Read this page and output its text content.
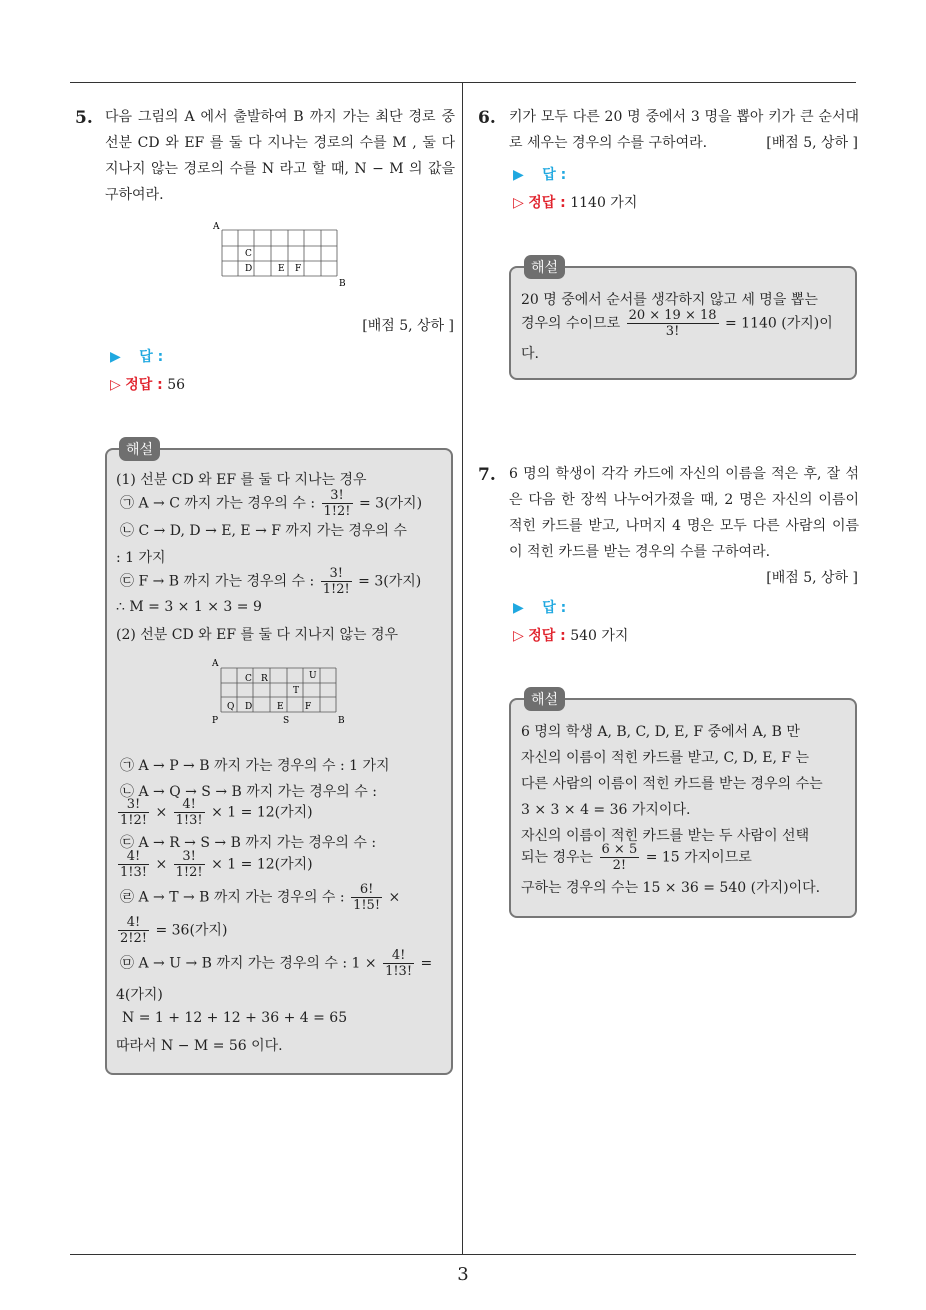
3
5. 다음 그림의 A 에서 출발하여 B 까지 가는 최단 경로 중 선분 CD 와 EF 를 둘 다 지나는 경로의 수를 M , 둘 다 지나지 않는 경로의 수를 N 라고 할 때, N − M 의 값을 구하여라.
A
C
D	E F
B
[배점 5, 상하 ]
▶ 답 :
▷ 정답 : 56
해설
(1) 선분 CD 와 EF 를 둘 다 지나는 경우
㉠ A → C 까지 가는 경우의 수 : $\frac{3!}{1!2!} = 3$(가지)
㉡ C → D, D → E, E → F 까지 가는 경우의 수
: 1 가지
㉢ F → B 까지 가는 경우의 수 : $\frac{3!}{1!2!} = 3$(가지)
∴ M = 3 × 1 × 3 = 9
(2) 선분 CD 와 EF 를 둘 다 지나지 않는 경우
A
C R	U
T
Q D	E F
P	S	B
㉠ A → P → B 까지 가는 경우의 수 : 1 가지
㉡ A → Q → S → B 까지 가는 경우의 수 :
$\frac{3!}{1!2!} \times \frac{4!}{1!3!} \times 1 = 12$(가지)
㉢ A → R → S → B 까지 가는 경우의 수 :
$\frac{4!}{1!3!} \times \frac{3!}{1!2!} \times 1 = 12$(가지)
㉣ A → T → B 까지 가는 경우의 수 : $\frac{6!}{1!5!}$ ×
$\frac{4!}{2!2!} = 36$(가지)
㉤ A → U → B 까지 가는 경우의 수 : $1 \times \frac{4!}{1!3!}$ =
4(가지)
N = 1 + 12 + 12 + 36 + 4 = 65
따라서 N − M = 56 이다.
6. 키가 모두 다른 20 명 중에서 3 명을 뽑아 키가 큰 순서대로 세우는 경우의 수를 구하여라.	[배점 5, 상하 ]
▶ 답 :
▷ 정답 : 1140 가지
해설
20 명 중에서 순서를 생각하지 않고 세 명을 뽑는
경우의 수이므로 $\frac{20 \times 19 \times 18}{3!} = 1140$ (가지)이
다.
7. 6 명의 학생이 각각 카드에 자신의 이름을 적은 후, 잘 섞은 다음 한 장씩 나누어가졌을 때, 2 명은 자신의 이름이 적힌 카드를 받고, 나머지 4 명은 모두 다른 사람의 이름이 적힌 카드를 받는 경우의 수를 구하여라.
[배점 5, 상하 ]
▶ 답 :
▷ 정답 : 540 가지
해설
6 명의 학생 A, B, C, D, E, F 중에서 A, B 만
자신의 이름이 적힌 카드를 받고, C, D, E, F 는
다른 사람의 이름이 적힌 카드를 받는 경우의 수는
3 × 3 × 4 = 36 가지이다.
자신의 이름이 적힌 카드를 받는 두 사람이 선택
되는 경우는 $\frac{6 \times 5}{2!} = 15$ 가지이므로
구하는 경우의 수는 15 × 36 = 540 (가지)이다.
